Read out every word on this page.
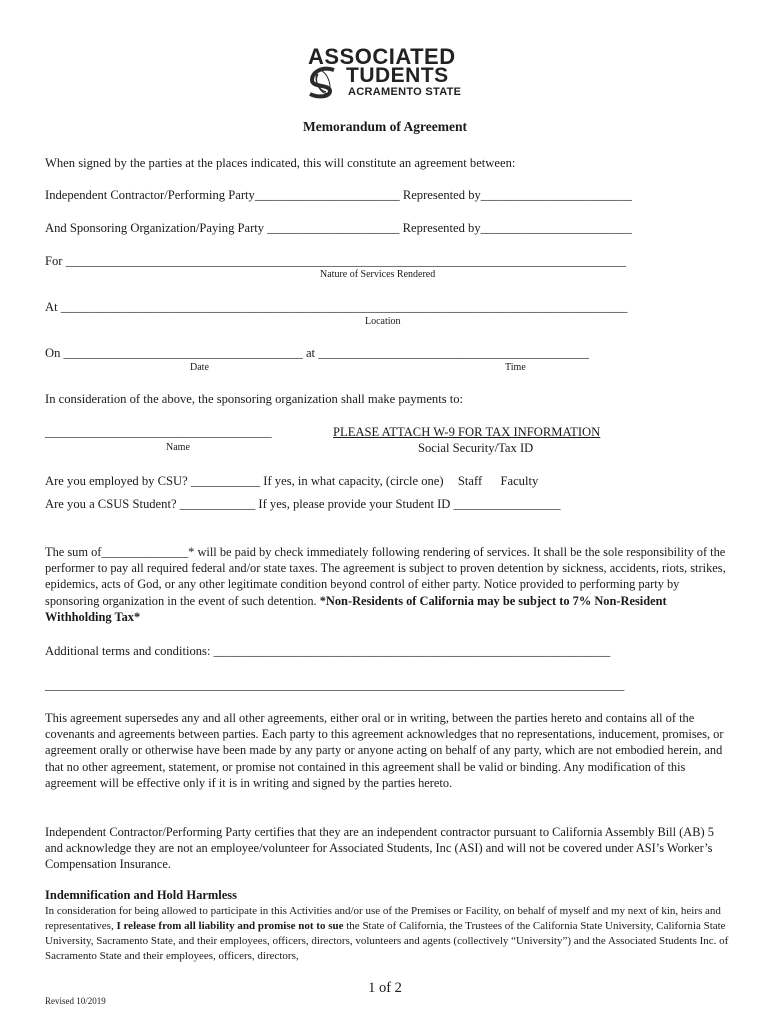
ASSOCIATED
TUDENTS
ACRAMENTO STATE
Memorandum of Agreement
When signed by the parties at the places indicated, this will constitute an agreement between:
Independent Contractor/Performing Party_______________________ Represented by________________________
And Sponsoring Organization/Paying Party _____________________ Represented by________________________
For _________________________________________________________________________________________
Nature of Services Rendered
At __________________________________________________________________________________________
Location
On ______________________________________ at ___________________________________________
Date	Time
In consideration of the above, the sponsoring organization shall make payments to:
____________________________________	PLEASE ATTACH W-9 FOR TAX INFORMATION
Name	Social Security/Tax ID
Are you employed by CSU? ___________ If yes, in what capacity, (circle one) Staff Faculty
Are you a CSUS Student? ____________ If yes, please provide your Student ID _________________
The sum of______________* will be paid by check immediately following rendering of services. It shall be the sole responsibility of the performer to pay all required federal and/or state taxes. The agreement is subject to proven detention by sickness, accidents, riots, strikes, epidemics, acts of God, or any other legitimate condition beyond control of either party. Notice provided to performing party by sponsoring organization in the event of such detention. *Non-Residents of California may be subject to 7% Non-Resident Withholding Tax*
Additional terms and conditions: _______________________________________________________________
____________________________________________________________________________________________
This agreement supersedes any and all other agreements, either oral or in writing, between the parties hereto and contains all of the covenants and agreements between parties. Each party to this agreement acknowledges that no representations, inducement, promises, or agreement orally or otherwise have been made by any party or anyone acting on behalf of any party, which are not embodied herein, and that no other agreement, statement, or promise not contained in this agreement shall be valid or binding. Any modification of this agreement will be effective only if it is in writing and signed by the parties hereto.
Independent Contractor/Performing Party certifies that they are an independent contractor pursuant to California Assembly Bill (AB) 5 and acknowledge they are not an employee/volunteer for Associated Students, Inc (ASI) and will not be covered under ASI’s Worker’s Compensation Insurance.
Indemnification and Hold Harmless
In consideration for being allowed to participate in this Activities and/or use of the Premises or Facility, on behalf of myself and my next of kin, heirs and representatives, I release from all liability and promise not to sue the State of California, the Trustees of the California State University, California State University, Sacramento State, and their employees, officers, directors, volunteers and agents (collectively “University”) and the Associated Students Inc. of Sacramento State and their employees, officers, directors,
1 of 2
Revised 10/2019
